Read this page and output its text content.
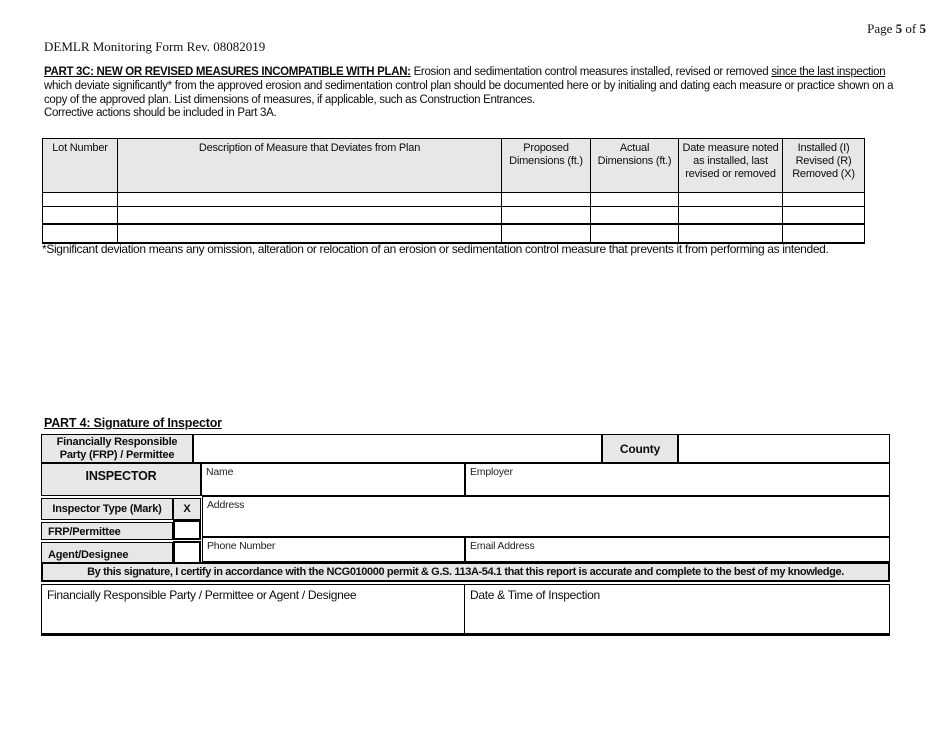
Page 5 of 5
DEMLR Monitoring Form Rev. 08082019
PART 3C: NEW OR REVISED MEASURES INCOMPATIBLE WITH PLAN: Erosion and sedimentation control measures installed, revised or removed since the last inspection which deviate significantly* from the approved erosion and sedimentation control plan should be documented here or by initialing and dating each measure or practice shown on a copy of the approved plan. List dimensions of measures, if applicable, such as Construction Entrances.
Corrective actions should be included in Part 3A.
Lot Number	Description of Measure that Deviates from Plan	Proposed Dimensions (ft.)	Actual Dimensions (ft.)	Date measure noted as installed, last revised or removed	Installed (I) Revised (R) Removed (X)

*Significant deviation means any omission, alteration or relocation of an erosion or sedimentation control measure that prevents it from performing as intended.
PART 4: Signature of Inspector
Financially Responsible Party (FRP) / Permittee	County
INSPECTOR	Name	Employer
Inspector Type (Mark)	X
FRP/Permittee
Agent/Designee
Address
Phone Number	Email Address
By this signature, I certify in accordance with the NCG010000 permit & G.S. 113A-54.1 that this report is accurate and complete to the best of my knowledge.
Financially Responsible Party / Permittee or Agent / Designee	Date & Time of Inspection
